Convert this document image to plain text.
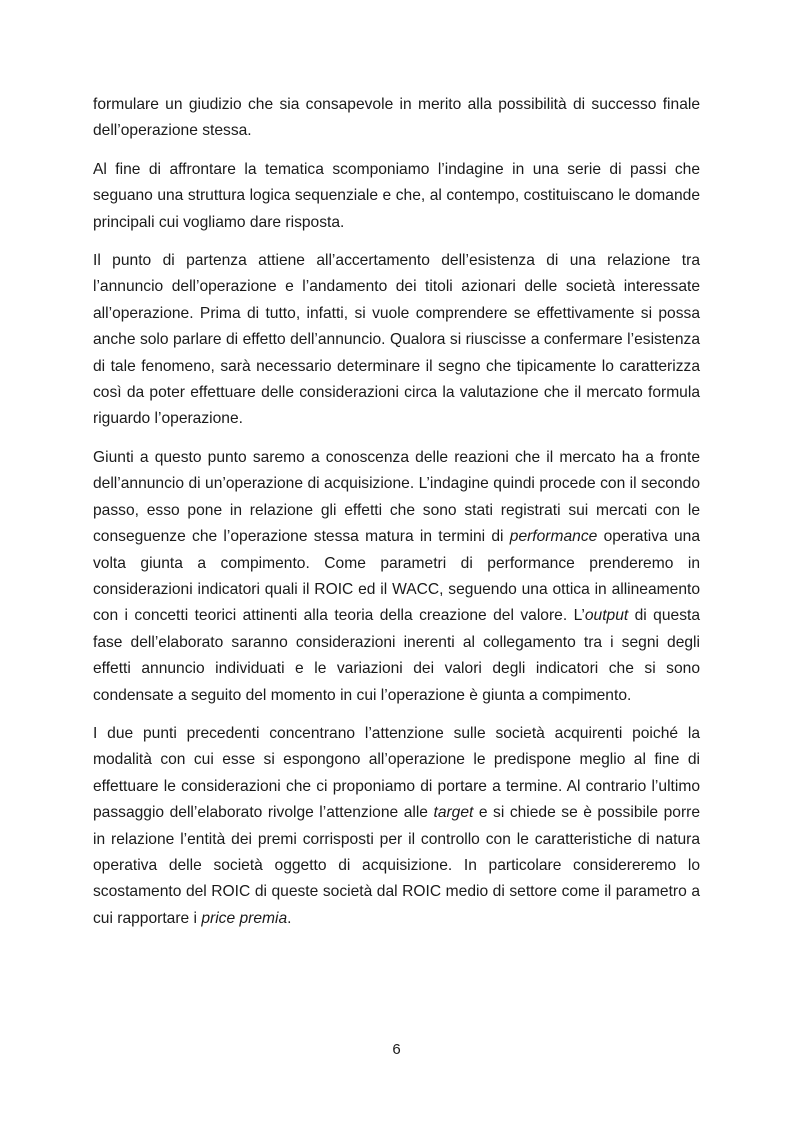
formulare un giudizio che sia consapevole in merito alla possibilità di successo finale dell’operazione stessa.

Al fine di affrontare la tematica scomponiamo l’indagine in una serie di passi che seguano una struttura logica sequenziale e che, al contempo, costituiscano le domande principali cui vogliamo dare risposta.

Il punto di partenza attiene all’accertamento dell’esistenza di una relazione tra l’annuncio dell’operazione e l’andamento dei titoli azionari delle società interessate all’operazione. Prima di tutto, infatti, si vuole comprendere se effettivamente si possa anche solo parlare di effetto dell’annuncio. Qualora si riuscisse a confermare l’esistenza di tale fenomeno, sarà necessario determinare il segno che tipicamente lo caratterizza così da poter effettuare delle considerazioni circa la valutazione che il mercato formula riguardo l’operazione.

Giunti a questo punto saremo a conoscenza delle reazioni che il mercato ha a fronte dell’annuncio di un’operazione di acquisizione. L’indagine quindi procede con il secondo passo, esso pone in relazione gli effetti che sono stati registrati sui mercati con le conseguenze che l’operazione stessa matura in termini di performance operativa una volta giunta a compimento. Come parametri di performance prenderemo in considerazioni indicatori quali il ROIC ed il WACC, seguendo una ottica in allineamento con i concetti teorici attinenti alla teoria della creazione del valore. L’output di questa fase dell’elaborato saranno considerazioni inerenti al collegamento tra i segni degli effetti annuncio individuati e le variazioni dei valori degli indicatori che si sono condensate a seguito del momento in cui l’operazione è giunta a compimento.

I due punti precedenti concentrano l’attenzione sulle società acquirenti poiché la modalità con cui esse si espongono all’operazione le predispone meglio al fine di effettuare le considerazioni che ci proponiamo di portare a termine. Al contrario l’ultimo passaggio dell’elaborato rivolge l’attenzione alle target e si chiede se è possibile porre in relazione l’entità dei premi corrisposti per il controllo con le caratteristiche di natura operativa delle società oggetto di acquisizione. In particolare considereremo lo scostamento del ROIC di queste società dal ROIC medio di settore come il parametro a cui rapportare i price premia.

6
